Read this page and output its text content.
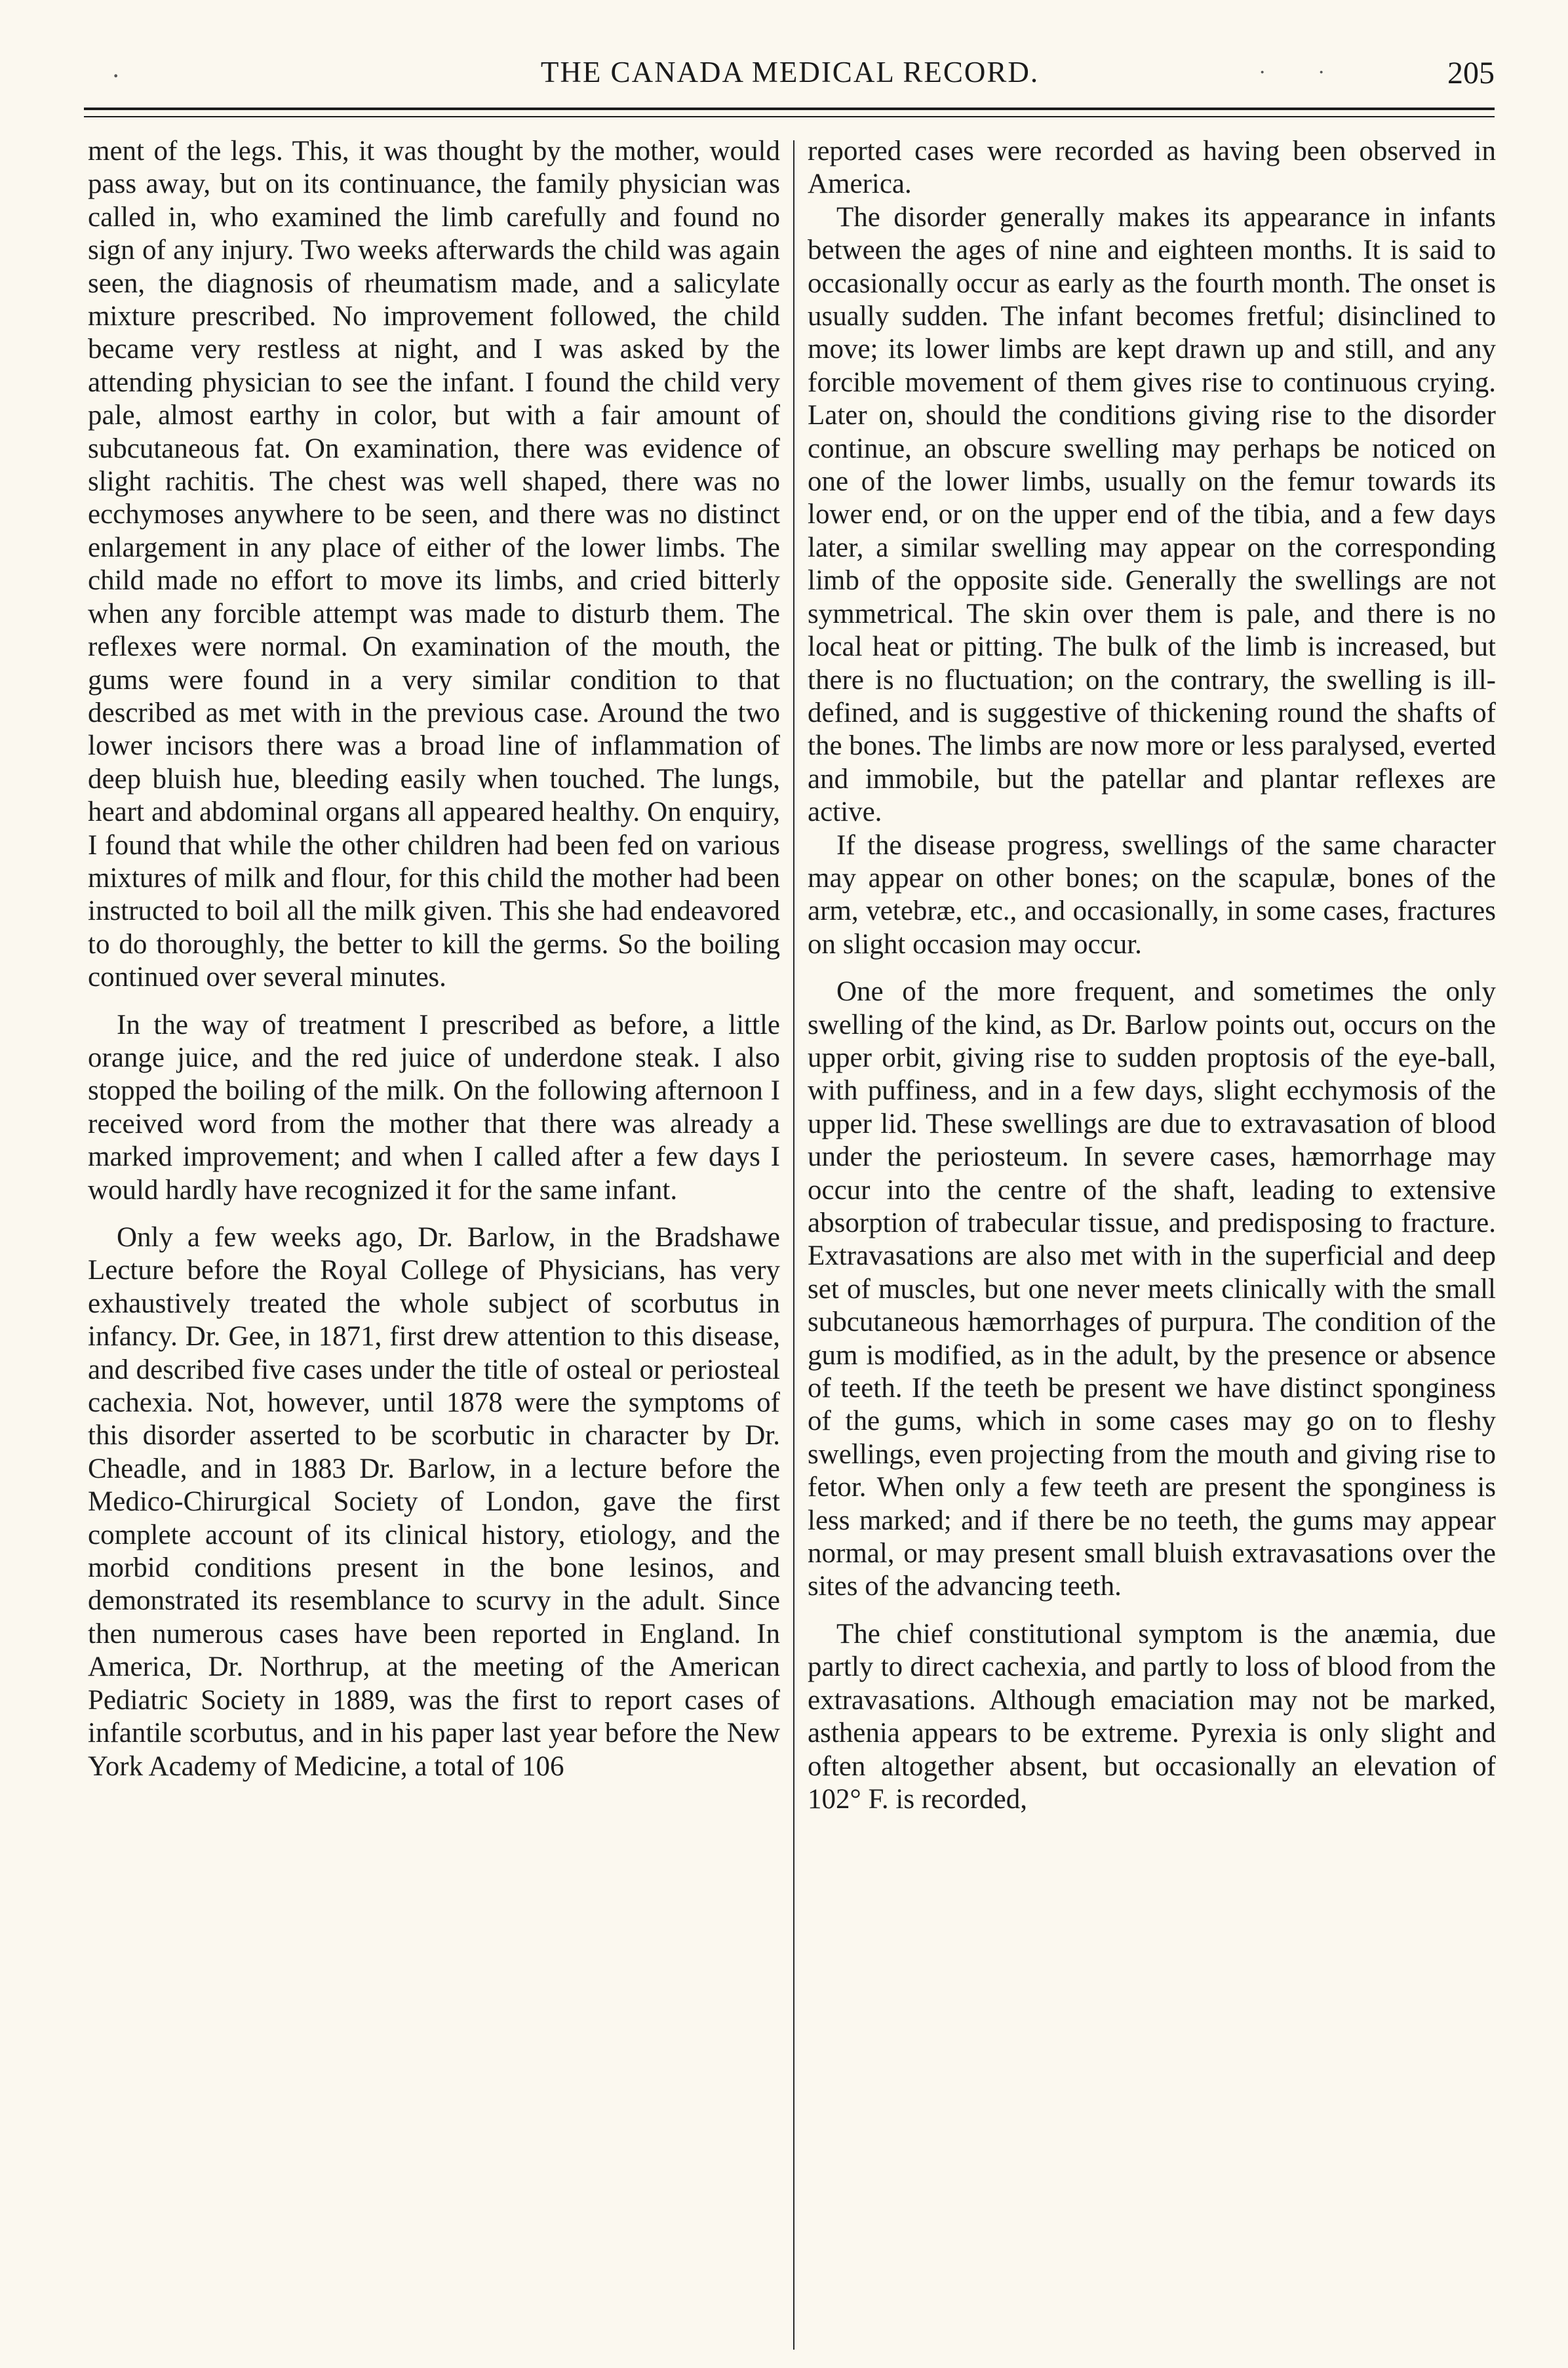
·	· ·
THE CANADA MEDICAL RECORD.	205

ment of the legs. This, it was thought by the mother, would pass away, but on its continuance, the family physician was called in, who examined the limb carefully and found no sign of any injury. Two weeks afterwards the child was again seen, the diagnosis of rheumatism made, and a salicylate mixture prescribed. No improvement followed, the child became very restless at night, and I was asked by the attending physician to see the infant. I found the child very pale, almost earthy in color, but with a fair amount of subcutaneous fat. On examination, there was evidence of slight rachitis. The chest was well shaped, there was no ecchymoses anywhere to be seen, and there was no distinct enlargement in any place of either of the lower limbs. The child made no effort to move its limbs, and cried bitterly when any forcible attempt was made to disturb them. The reflexes were normal. On examination of the mouth, the gums were found in a very similar condition to that described as met with in the previous case. Around the two lower incisors there was a broad line of inflammation of deep bluish hue, bleeding easily when touched. The lungs, heart and abdominal organs all appeared healthy. On enquiry, I found that while the other children had been fed on various mixtures of milk and flour, for this child the mother had been instructed to boil all the milk given. This she had endeavored to do thoroughly, the better to kill the germs. So the boiling continued over several minutes.

In the way of treatment I prescribed as before, a little orange juice, and the red juice of underdone steak. I also stopped the boiling of the milk. On the following afternoon I received word from the mother that there was already a marked improvement; and when I called after a few days I would hardly have recognized it for the same infant.

Only a few weeks ago, Dr. Barlow, in the Bradshawe Lecture before the Royal College of Physicians, has very exhaustively treated the whole subject of scorbutus in infancy. Dr. Gee, in 1871, first drew attention to this disease, and described five cases under the title of osteal or periosteal cachexia. Not, however, until 1878 were the symptoms of this disorder asserted to be scorbutic in character by Dr. Cheadle, and in 1883 Dr. Barlow, in a lecture before the Medico-Chirurgical Society of London, gave the first complete account of its clinical history, etiology, and the morbid conditions present in the bone lesinos, and demonstrated its resemblance to scurvy in the adult. Since then numerous cases have been reported in England. In America, Dr. Northrup, at the meeting of the American Pediatric Society in 1889, was the first to report cases of infantile scorbutus, and in his paper last year before the New York Academy of Medicine, a total of 106

reported cases were recorded as having been observed in America.

The disorder generally makes its appearance in infants between the ages of nine and eighteen months. It is said to occasionally occur as early as the fourth month. The onset is usually sudden. The infant becomes fretful; disinclined to move; its lower limbs are kept drawn up and still, and any forcible movement of them gives rise to continuous crying. Later on, should the conditions giving rise to the disorder continue, an obscure swelling may perhaps be noticed on one of the lower limbs, usually on the femur towards its lower end, or on the upper end of the tibia, and a few days later, a similar swelling may appear on the corresponding limb of the opposite side. Generally the swellings are not symmetrical. The skin over them is pale, and there is no local heat or pitting. The bulk of the limb is increased, but there is no fluctuation; on the contrary, the swelling is ill-defined, and is suggestive of thickening round the shafts of the bones. The limbs are now more or less paralysed, everted and immobile, but the patellar and plantar reflexes are active.

If the disease progress, swellings of the same character may appear on other bones; on the scapulæ, bones of the arm, vetebræ, etc., and occasionally, in some cases, fractures on slight occasion may occur.

One of the more frequent, and sometimes the only swelling of the kind, as Dr. Barlow points out, occurs on the upper orbit, giving rise to sudden proptosis of the eye-ball, with puffiness, and in a few days, slight ecchymosis of the upper lid. These swellings are due to extravasation of blood under the periosteum. In severe cases, hæmorrhage may occur into the centre of the shaft, leading to extensive absorption of trabecular tissue, and predisposing to fracture. Extravasations are also met with in the superficial and deep set of muscles, but one never meets clinically with the small subcutaneous hæmorrhages of purpura. The condition of the gum is modified, as in the adult, by the presence or absence of teeth. If the teeth be present we have distinct sponginess of the gums, which in some cases may go on to fleshy swellings, even projecting from the mouth and giving rise to fetor. When only a few teeth are present the sponginess is less marked; and if there be no teeth, the gums may appear normal, or may present small bluish extravasations over the sites of the advancing teeth.

The chief constitutional symptom is the anæmia, due partly to direct cachexia, and partly to loss of blood from the extravasations. Although emaciation may not be marked, asthenia appears to be extreme. Pyrexia is only slight and often altogether absent, but occasionally an elevation of 102° F. is recorded,
